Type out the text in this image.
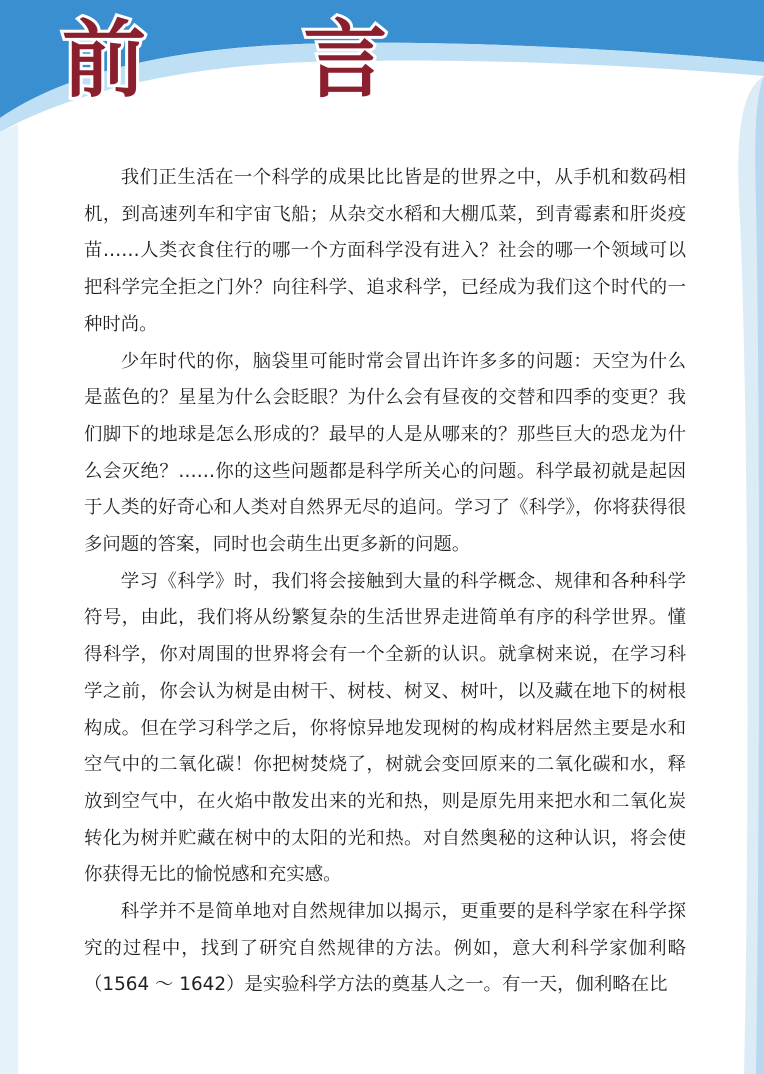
前 言

我们正生活在一个科学的成果比比皆是的世界之中，从手机和数码相机，到高速列车和宇宙飞船；从杂交水稻和大棚瓜菜，到青霉素和肝炎疫苗……人类衣食住行的哪一个方面科学没有进入？社会的哪一个领域可以把科学完全拒之门外？向往科学、追求科学，已经成为我们这个时代的一种时尚。

少年时代的你，脑袋里可能时常会冒出许许多多的问题：天空为什么是蓝色的？星星为什么会眨眼？为什么会有昼夜的交替和四季的变更？我们脚下的地球是怎么形成的？最早的人是从哪来的？那些巨大的恐龙为什么会灭绝？……你的这些问题都是科学所关心的问题。科学最初就是起因于人类的好奇心和人类对自然界无尽的追问。学习了《科学》，你将获得很多问题的答案，同时也会萌生出更多新的问题。

学习《科学》时，我们将会接触到大量的科学概念、规律和各种科学符号，由此，我们将从纷繁复杂的生活世界走进简单有序的科学世界。懂得科学，你对周围的世界将会有一个全新的认识。就拿树来说，在学习科学之前，你会认为树是由树干、树枝、树叉、树叶，以及藏在地下的树根构成。但在学习科学之后，你将惊异地发现树的构成材料居然主要是水和空气中的二氧化碳！你把树焚烧了，树就会变回原来的二氧化碳和水，释放到空气中，在火焰中散发出来的光和热，则是原先用来把水和二氧化炭转化为树并贮藏在树中的太阳的光和热。对自然奥秘的这种认识，将会使你获得无比的愉悦感和充实感。

科学并不是简单地对自然规律加以揭示，更重要的是科学家在科学探究的过程中，找到了研究自然规律的方法。例如，意大利科学家伽利略（1564 ～ 1642）是实验科学方法的奠基人之一。有一天，伽利略在比
